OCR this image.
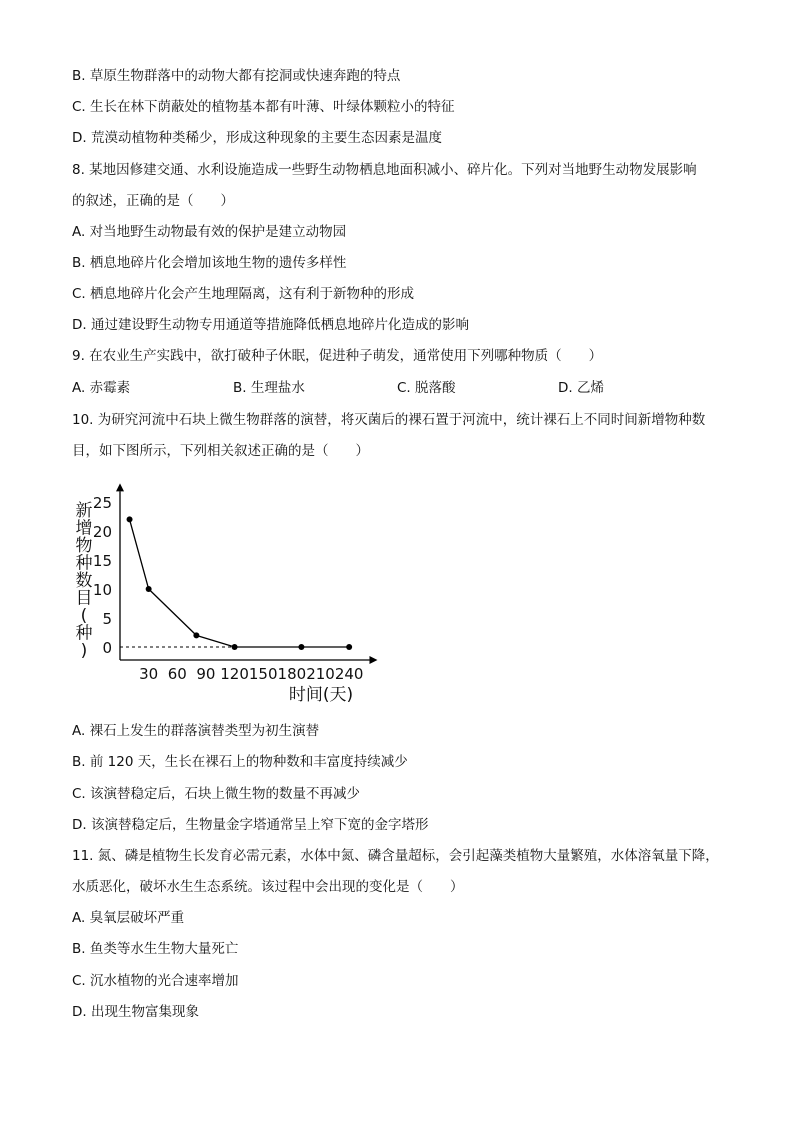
B. 草原生物群落中的动物大都有挖洞或快速奔跑的特点
C. 生长在林下荫蔽处的植物基本都有叶薄、叶绿体颗粒小的特征
D. 荒漠动植物种类稀少，形成这种现象的主要生态因素是温度
8. 某地因修建交通、水利设施造成一些野生动物栖息地面积减小、碎片化。下列对当地野生动物发展影响
的叙述，正确的是（　　）
A. 对当地野生动物最有效的保护是建立动物园
B. 栖息地碎片化会增加该地生物的遗传多样性
C. 栖息地碎片化会产生地理隔离，这有利于新物种的形成
D. 通过建设野生动物专用通道等措施降低栖息地碎片化造成的影响
9. 在农业生产实践中，欲打破种子休眠，促进种子萌发，通常使用下列哪种物质（　　）
A. 赤霉素	B. 生理盐水	C. 脱落酸	D. 乙烯
10. 为研究河流中石块上微生物群落的演替，将灭菌后的裸石置于河流中，统计裸石上不同时间新增物种数
目，如下图所示，下列相关叙述正确的是（　　）
0
5
10
15
20
25
30 60 90 120 150 180 210 240
新增物种数目(种)
时间(天)
A. 裸石上发生的群落演替类型为初生演替
B. 前 120 天，生长在裸石上的物种数和丰富度持续减少
C. 该演替稳定后，石块上微生物的数量不再减少
D. 该演替稳定后，生物量金字塔通常呈上窄下宽的金字塔形
11. 氮、磷是植物生长发育必需元素，水体中氮、磷含量超标，会引起藻类植物大量繁殖，水体溶氧量下降，
水质恶化，破坏水生生态系统。该过程中会出现的变化是（　　）
A. 臭氧层破坏严重
B. 鱼类等水生生物大量死亡
C. 沉水植物的光合速率增加
D. 出现生物富集现象
